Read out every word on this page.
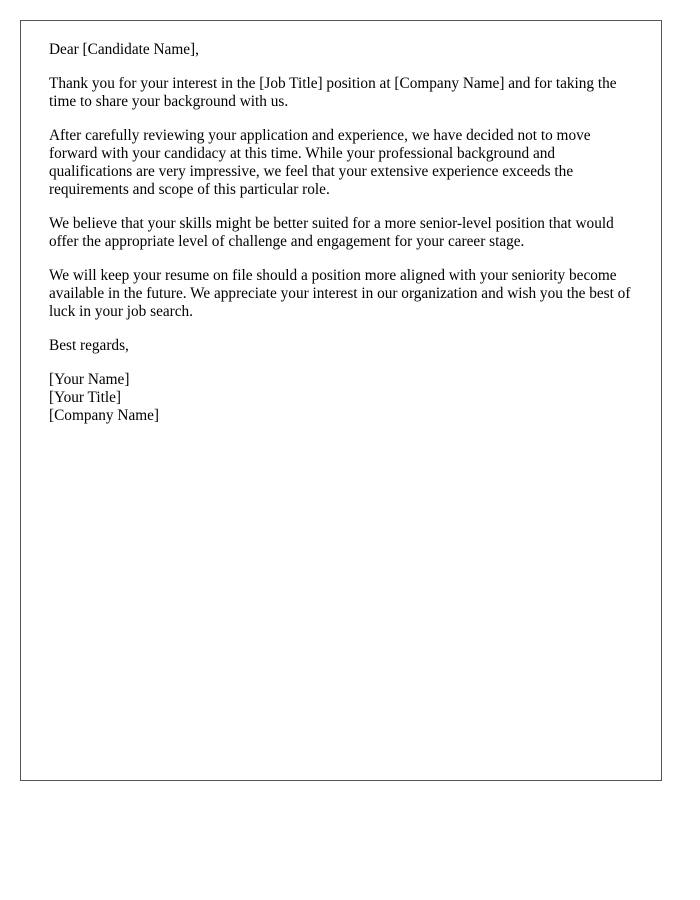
Dear [Candidate Name],

Thank you for your interest in the [Job Title] position at [Company Name] and for taking the time to share your background with us.

After carefully reviewing your application and experience, we have decided not to move forward with your candidacy at this time. While your professional background and qualifications are very impressive, we feel that your extensive experience exceeds the requirements and scope of this particular role.

We believe that your skills might be better suited for a more senior-level position that would offer the appropriate level of challenge and engagement for your career stage.

We will keep your resume on file should a position more aligned with your seniority become available in the future. We appreciate your interest in our organization and wish you the best of luck in your job search.

Best regards,

[Your Name]

[Your Title]

[Company Name]
